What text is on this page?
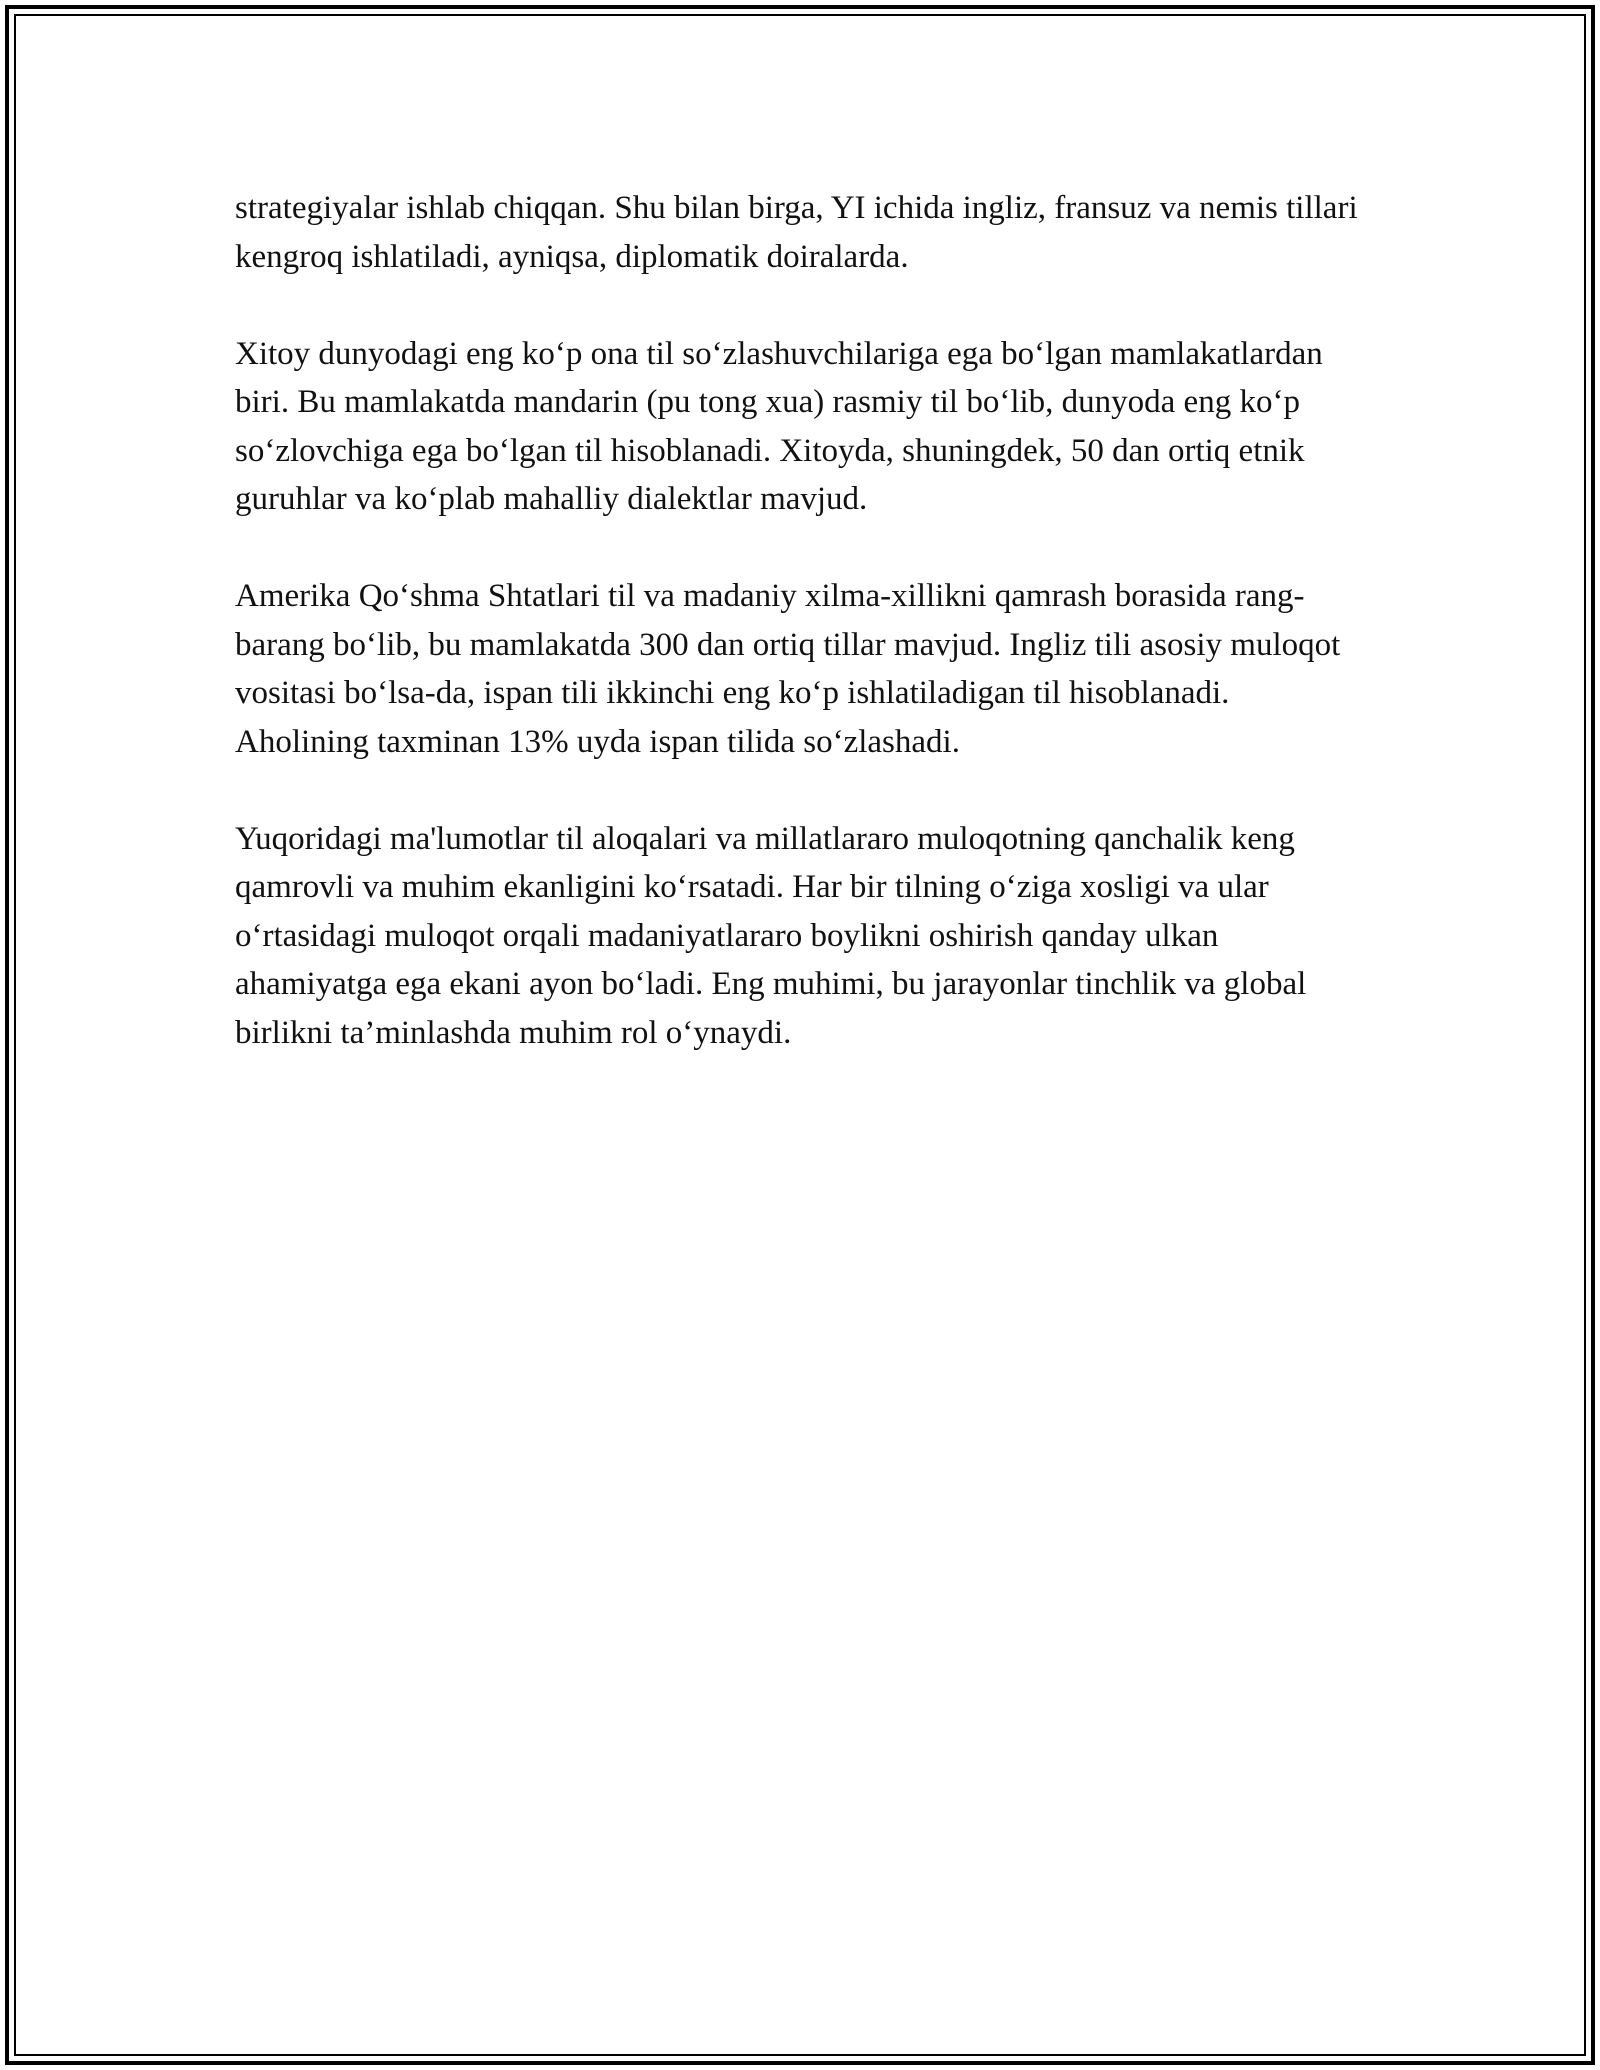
strategiyalar ishlab chiqqan. Shu bilan birga, YI ichida ingliz, fransuz va nemis tillari kengroq ishlatiladi, ayniqsa, diplomatik doiralarda.

Xitoy dunyodagi eng ko‘p ona til so‘zlashuvchilariga ega bo‘lgan mamlakatlardan biri. Bu mamlakatda mandarin (pu tong xua) rasmiy til bo‘lib, dunyoda eng ko‘p so‘zlovchiga ega bo‘lgan til hisoblanadi. Xitoyda, shuningdek, 50 dan ortiq etnik guruhlar va ko‘plab mahalliy dialektlar mavjud.

Amerika Qo‘shma Shtatlari til va madaniy xilma-xillikni qamrash borasida rang-barang bo‘lib, bu mamlakatda 300 dan ortiq tillar mavjud. Ingliz tili asosiy muloqot vositasi bo‘lsa-da, ispan tili ikkinchi eng ko‘p ishlatiladigan til hisoblanadi. Aholining taxminan 13% uyda ispan tilida so‘zlashadi.

Yuqoridagi ma'lumotlar til aloqalari va millatlararo muloqotning qanchalik keng qamrovli va muhim ekanligini ko‘rsatadi. Har bir tilning o‘ziga xosligi va ular o‘rtasidagi muloqot orqali madaniyatlararo boylikni oshirish qanday ulkan ahamiyatga ega ekani ayon bo‘ladi. Eng muhimi, bu jarayonlar tinchlik va global birlikni ta’minlashda muhim rol o‘ynaydi.
